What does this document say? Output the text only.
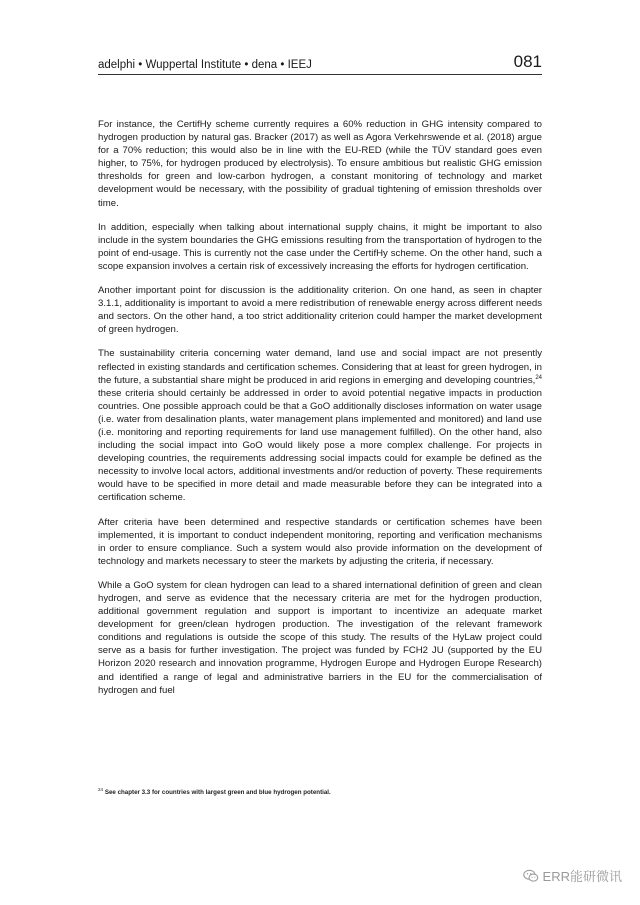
adelphi • Wuppertal Institute • dena • IEEJ	081

For instance, the CertifHy scheme currently requires a 60% reduction in GHG intensity compared to hydrogen production by natural gas. Bracker (2017) as well as Agora Verkehrswende et al. (2018) argue for a 70% reduction; this would also be in line with the EU-RED (while the TÜV standard goes even higher, to 75%, for hydrogen produced by electrolysis). To ensure ambitious but realistic GHG emission thresholds for green and low-carbon hydrogen, a constant monitoring of technology and market development would be necessary, with the possibility of gradual tightening of emission thresholds over time.

In addition, especially when talking about international supply chains, it might be important to also include in the system boundaries the GHG emissions resulting from the transportation of hydrogen to the point of end-usage. This is currently not the case under the CertifHy scheme. On the other hand, such a scope expansion involves a certain risk of excessively increasing the efforts for hydrogen certification.

Another important point for discussion is the additionality criterion. On one hand, as seen in chapter 3.1.1, additionality is important to avoid a mere redistribution of renewable energy across different needs and sectors. On the other hand, a too strict additionality criterion could hamper the market development of green hydrogen.

The sustainability criteria concerning water demand, land use and social impact are not presently reflected in existing standards and certification schemes. Considering that at least for green hydrogen, in the future, a substantial share might be produced in arid regions in emerging and developing countries,$^{24}$ these criteria should certainly be addressed in order to avoid potential negative impacts in production countries. One possible approach could be that a GoO additionally discloses information on water usage (i.e. water from desalination plants, water management plans implemented and monitored) and land use (i.e. monitoring and reporting requirements for land use management fulfilled). On the other hand, also including the social impact into GoO would likely pose a more complex challenge. For projects in developing countries, the requirements addressing social impacts could for example be defined as the necessity to involve local actors, additional investments and/or reduction of poverty. These requirements would have to be specified in more detail and made measurable before they can be integrated into a certification scheme.

After criteria have been determined and respective standards or certification schemes have been implemented, it is important to conduct independent monitoring, reporting and verification mechanisms in order to ensure compliance. Such a system would also provide information on the development of technology and markets necessary to steer the markets by adjusting the criteria, if necessary.

While a GoO system for clean hydrogen can lead to a shared international definition of green and clean hydrogen, and serve as evidence that the necessary criteria are met for the hydrogen production, additional government regulation and support is important to incentivize an adequate market development for green/clean hydrogen production. The investigation of the relevant framework conditions and regulations is outside the scope of this study. The results of the HyLaw project could serve as a basis for further investigation. The project was funded by FCH2 JU (supported by the EU Horizon 2020 research and innovation programme, Hydrogen Europe and Hydrogen Europe Research) and identified a range of legal and administrative barriers in the EU for the commercialisation of hydrogen and fuel

$^{24}$ See chapter 3.3 for countries with largest green and blue hydrogen potential.
ERR能研微讯
